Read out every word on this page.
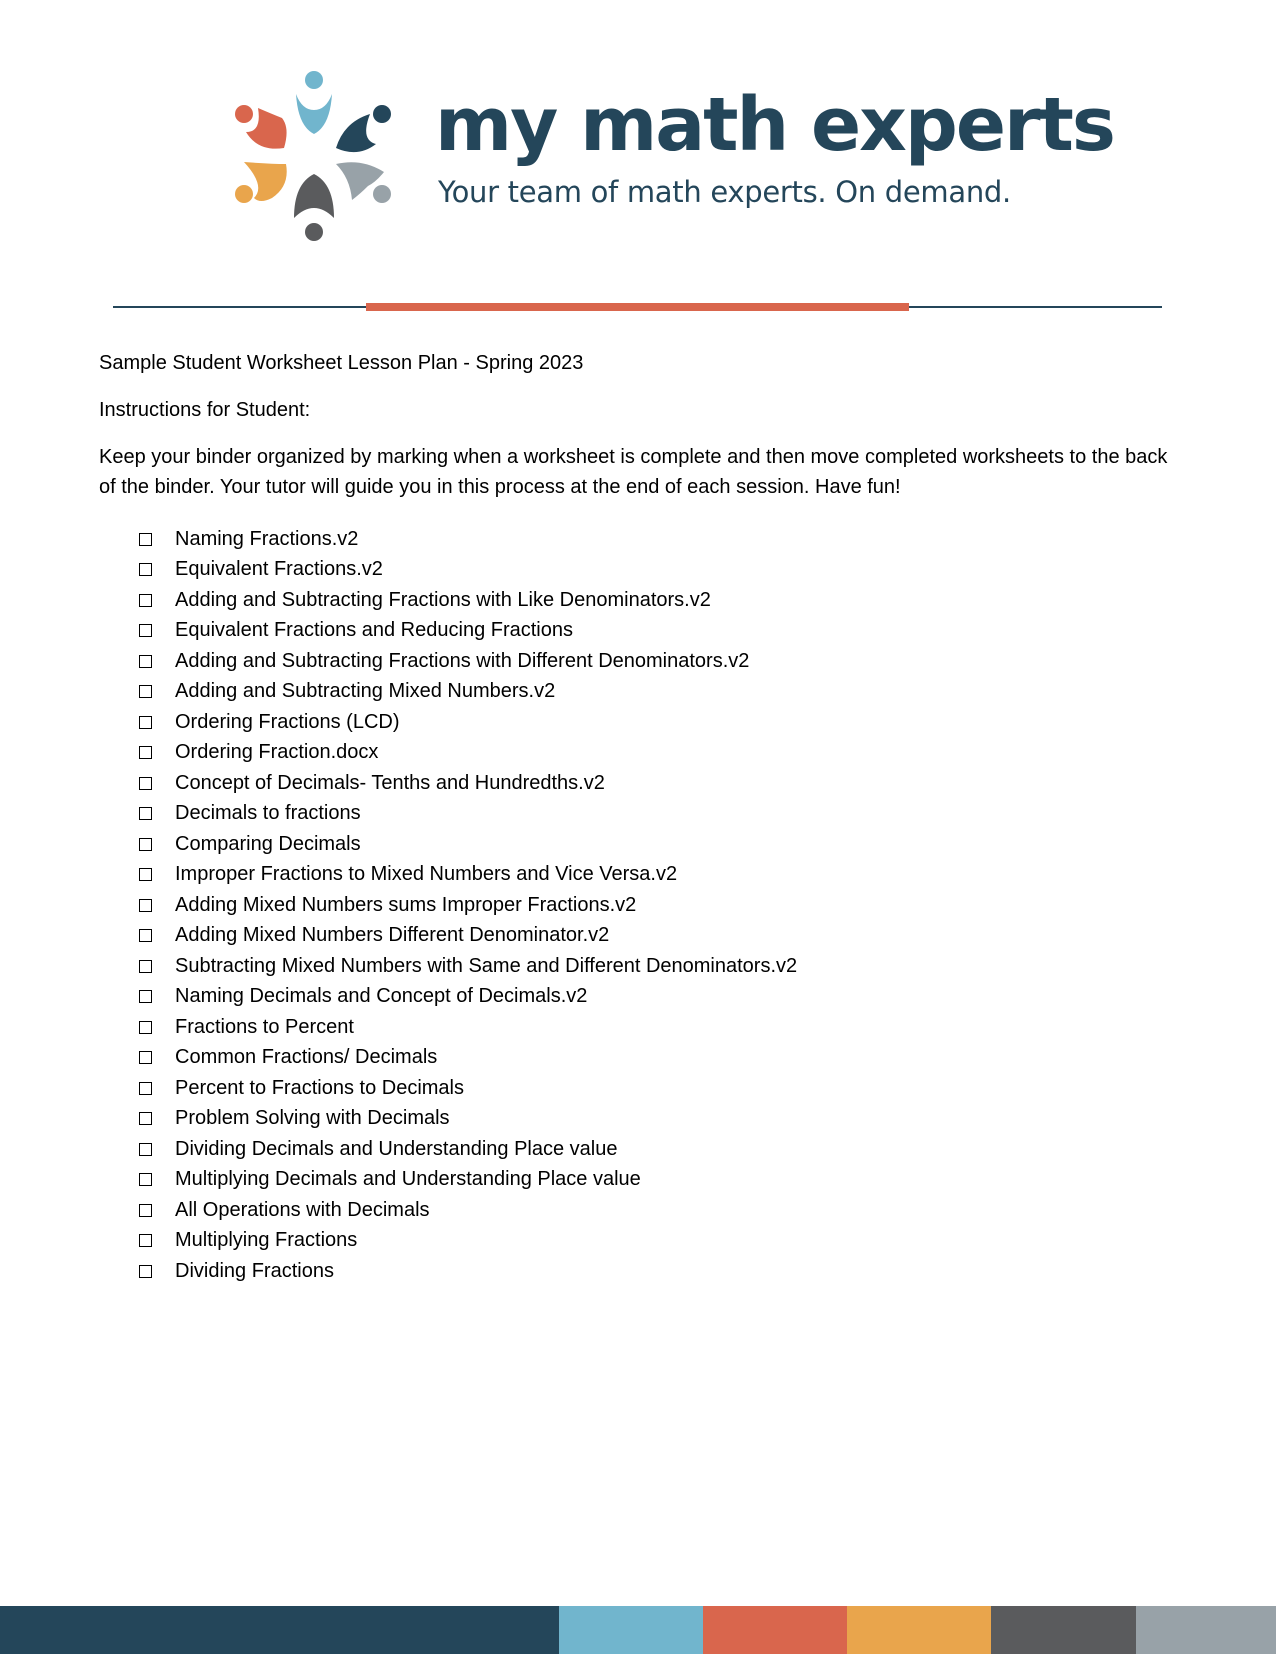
my math experts
Your team of math experts. On demand.
Sample Student Worksheet Lesson Plan - Spring 2023
Instructions for Student:
Keep your binder organized by marking when a worksheet is complete and then move completed worksheets to the back of the binder. Your tutor will guide you in this process at the end of each session. Have fun!
Naming Fractions.v2
Equivalent Fractions.v2
Adding and Subtracting Fractions with Like Denominators.v2
Equivalent Fractions and Reducing Fractions
Adding and Subtracting Fractions with Different Denominators.v2
Adding and Subtracting Mixed Numbers.v2
Ordering Fractions (LCD)
Ordering Fraction.docx
Concept of Decimals- Tenths and Hundredths.v2
Decimals to fractions
Comparing Decimals
Improper Fractions to Mixed Numbers and Vice Versa.v2
Adding Mixed Numbers sums Improper Fractions.v2
Adding Mixed Numbers Different Denominator.v2
Subtracting Mixed Numbers with Same and Different Denominators.v2
Naming Decimals and Concept of Decimals.v2
Fractions to Percent
Common Fractions/ Decimals
Percent to Fractions to Decimals
Problem Solving with Decimals
Dividing Decimals and Understanding Place value
Multiplying Decimals and Understanding Place value
All Operations with Decimals
Multiplying Fractions
Dividing Fractions
